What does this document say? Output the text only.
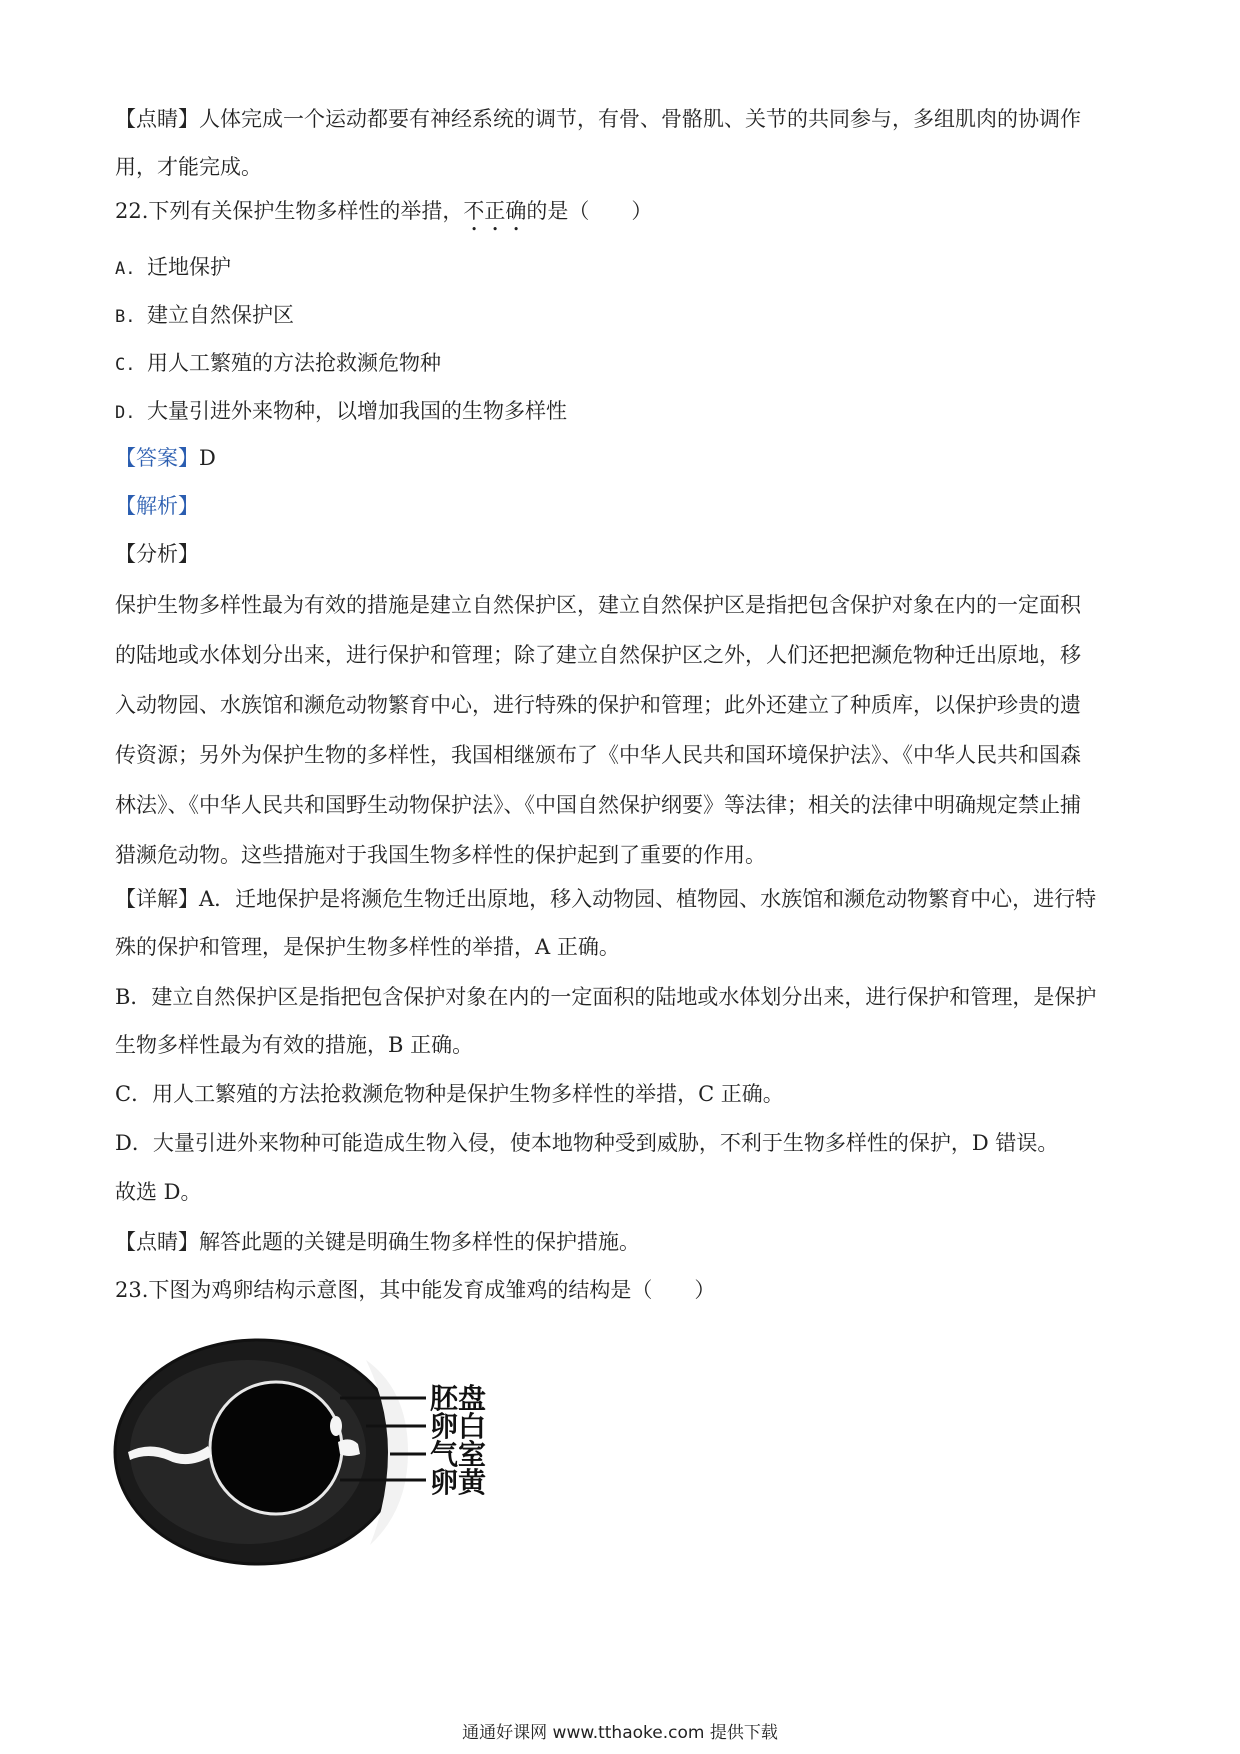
【点睛】人体完成一个运动都要有神经系统的调节，有骨、骨骼肌、关节的共同参与，多组肌肉的协调作
用，才能完成。
22.下列有关保护生物多样性的举措，不正确的是（　　）
A. 迁地保护
B. 建立自然保护区
C. 用人工繁殖的方法抢救濒危物种
D. 大量引进外来物种，以增加我国的生物多样性
【答案】D
【解析】
【分析】
保护生物多样性最为有效的措施是建立自然保护区，建立自然保护区是指把包含保护对象在内的一定面积
的陆地或水体划分出来，进行保护和管理；除了建立自然保护区之外，人们还把把濒危物种迁出原地，移
入动物园、水族馆和濒危动物繁育中心，进行特殊的保护和管理；此外还建立了种质库，以保护珍贵的遗
传资源；另外为保护生物的多样性，我国相继颁布了《中华人民共和国环境保护法》、《中华人民共和国森
林法》、《中华人民共和国野生动物保护法》、《中国自然保护纲要》等法律；相关的法律中明确规定禁止捕
猎濒危动物。这些措施对于我国生物多样性的保护起到了重要的作用。
【详解】A．迁地保护是将濒危生物迁出原地，移入动物园、植物园、水族馆和濒危动物繁育中心，进行特
殊的保护和管理，是保护生物多样性的举措，A 正确。
B．建立自然保护区是指把包含保护对象在内的一定面积的陆地或水体划分出来，进行保护和管理，是保护
生物多样性最为有效的措施，B 正确。
C．用人工繁殖的方法抢救濒危物种是保护生物多样性的举措，C 正确。
D．大量引进外来物种可能造成生物入侵，使本地物种受到威胁，不利于生物多样性的保护，D 错误。
故选 D。
【点睛】解答此题的关键是明确生物多样性的保护措施。
23.下图为鸡卵结构示意图，其中能发育成雏鸡的结构是（　　）
胚盘
卵白
气室
卵黄
通通好课网 www.tthaoke.com 提供下载
